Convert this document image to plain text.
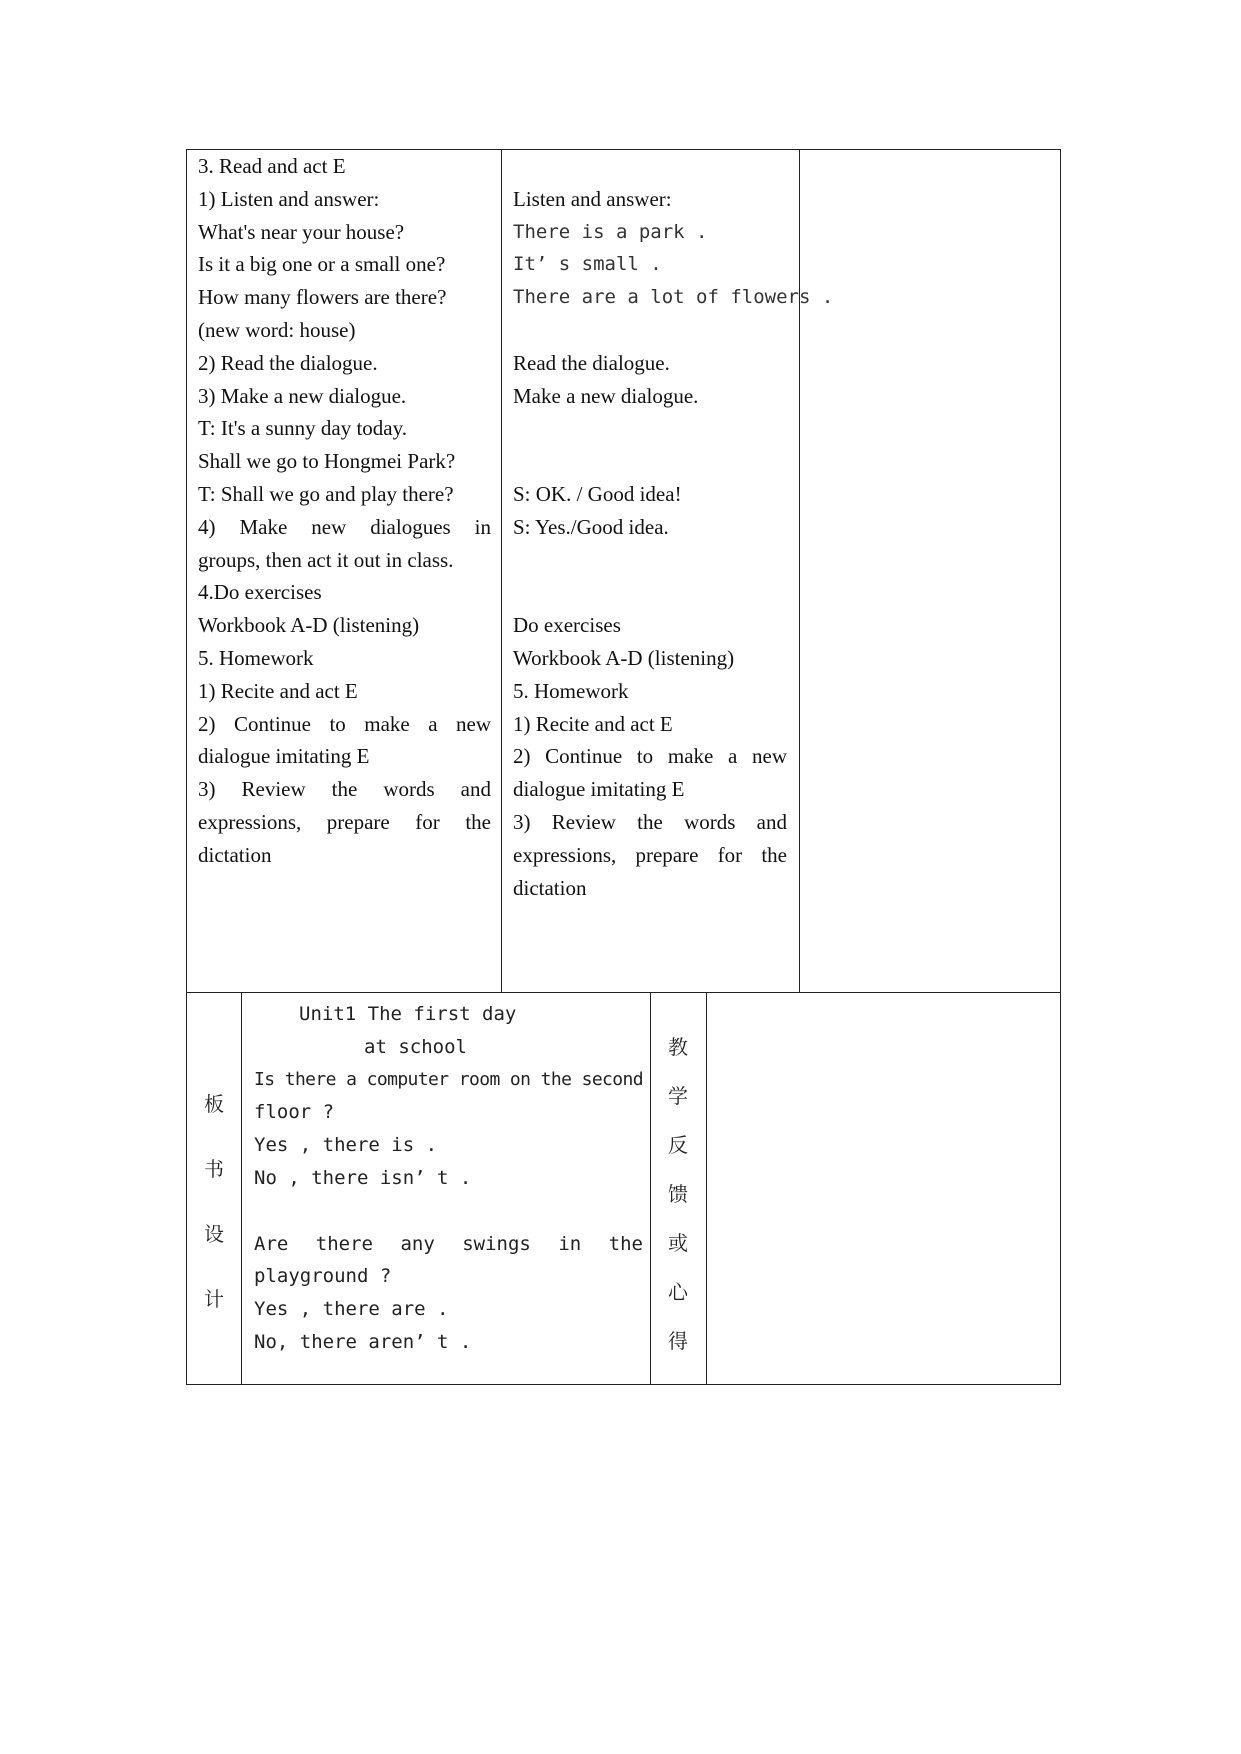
3. Read and act E
1) Listen and answer:
What's near your house?
Is it a big one or a small one?
How many flowers are there?
(new word: house)
2) Read the dialogue.
3) Make a new dialogue.
T: It's a sunny day today.
Shall we go to Hongmei Park?
T: Shall we go and play there?
4) Make new dialogues in
groups, then act it out in class.
4.Do exercises
Workbook A-D (listening)
5. Homework
1) Recite and act E
2) Continue to make a new
dialogue imitating E
3) Review the words and
expressions, prepare for the
dictation
Listen and answer:
There is a park .
It’ s small .
There are a lot of flowers .
Read the dialogue.
Make a new dialogue.
S: OK. / Good idea!
S: Yes./Good idea.
Do exercises
Workbook A-D (listening)
5. Homework
1) Recite and act E
2) Continue to make a new
dialogue imitating E
3) Review the words and
expressions, prepare for the
dictation
板
书
设
计
Unit1 The first day
at school
Is there a computer room on the second
floor ?
Yes , there is .
No , there isn’ t .
Are there any swings in the
playground ?
Yes , there are .
No, there aren’ t .
教
学
反
馈
或
心
得
